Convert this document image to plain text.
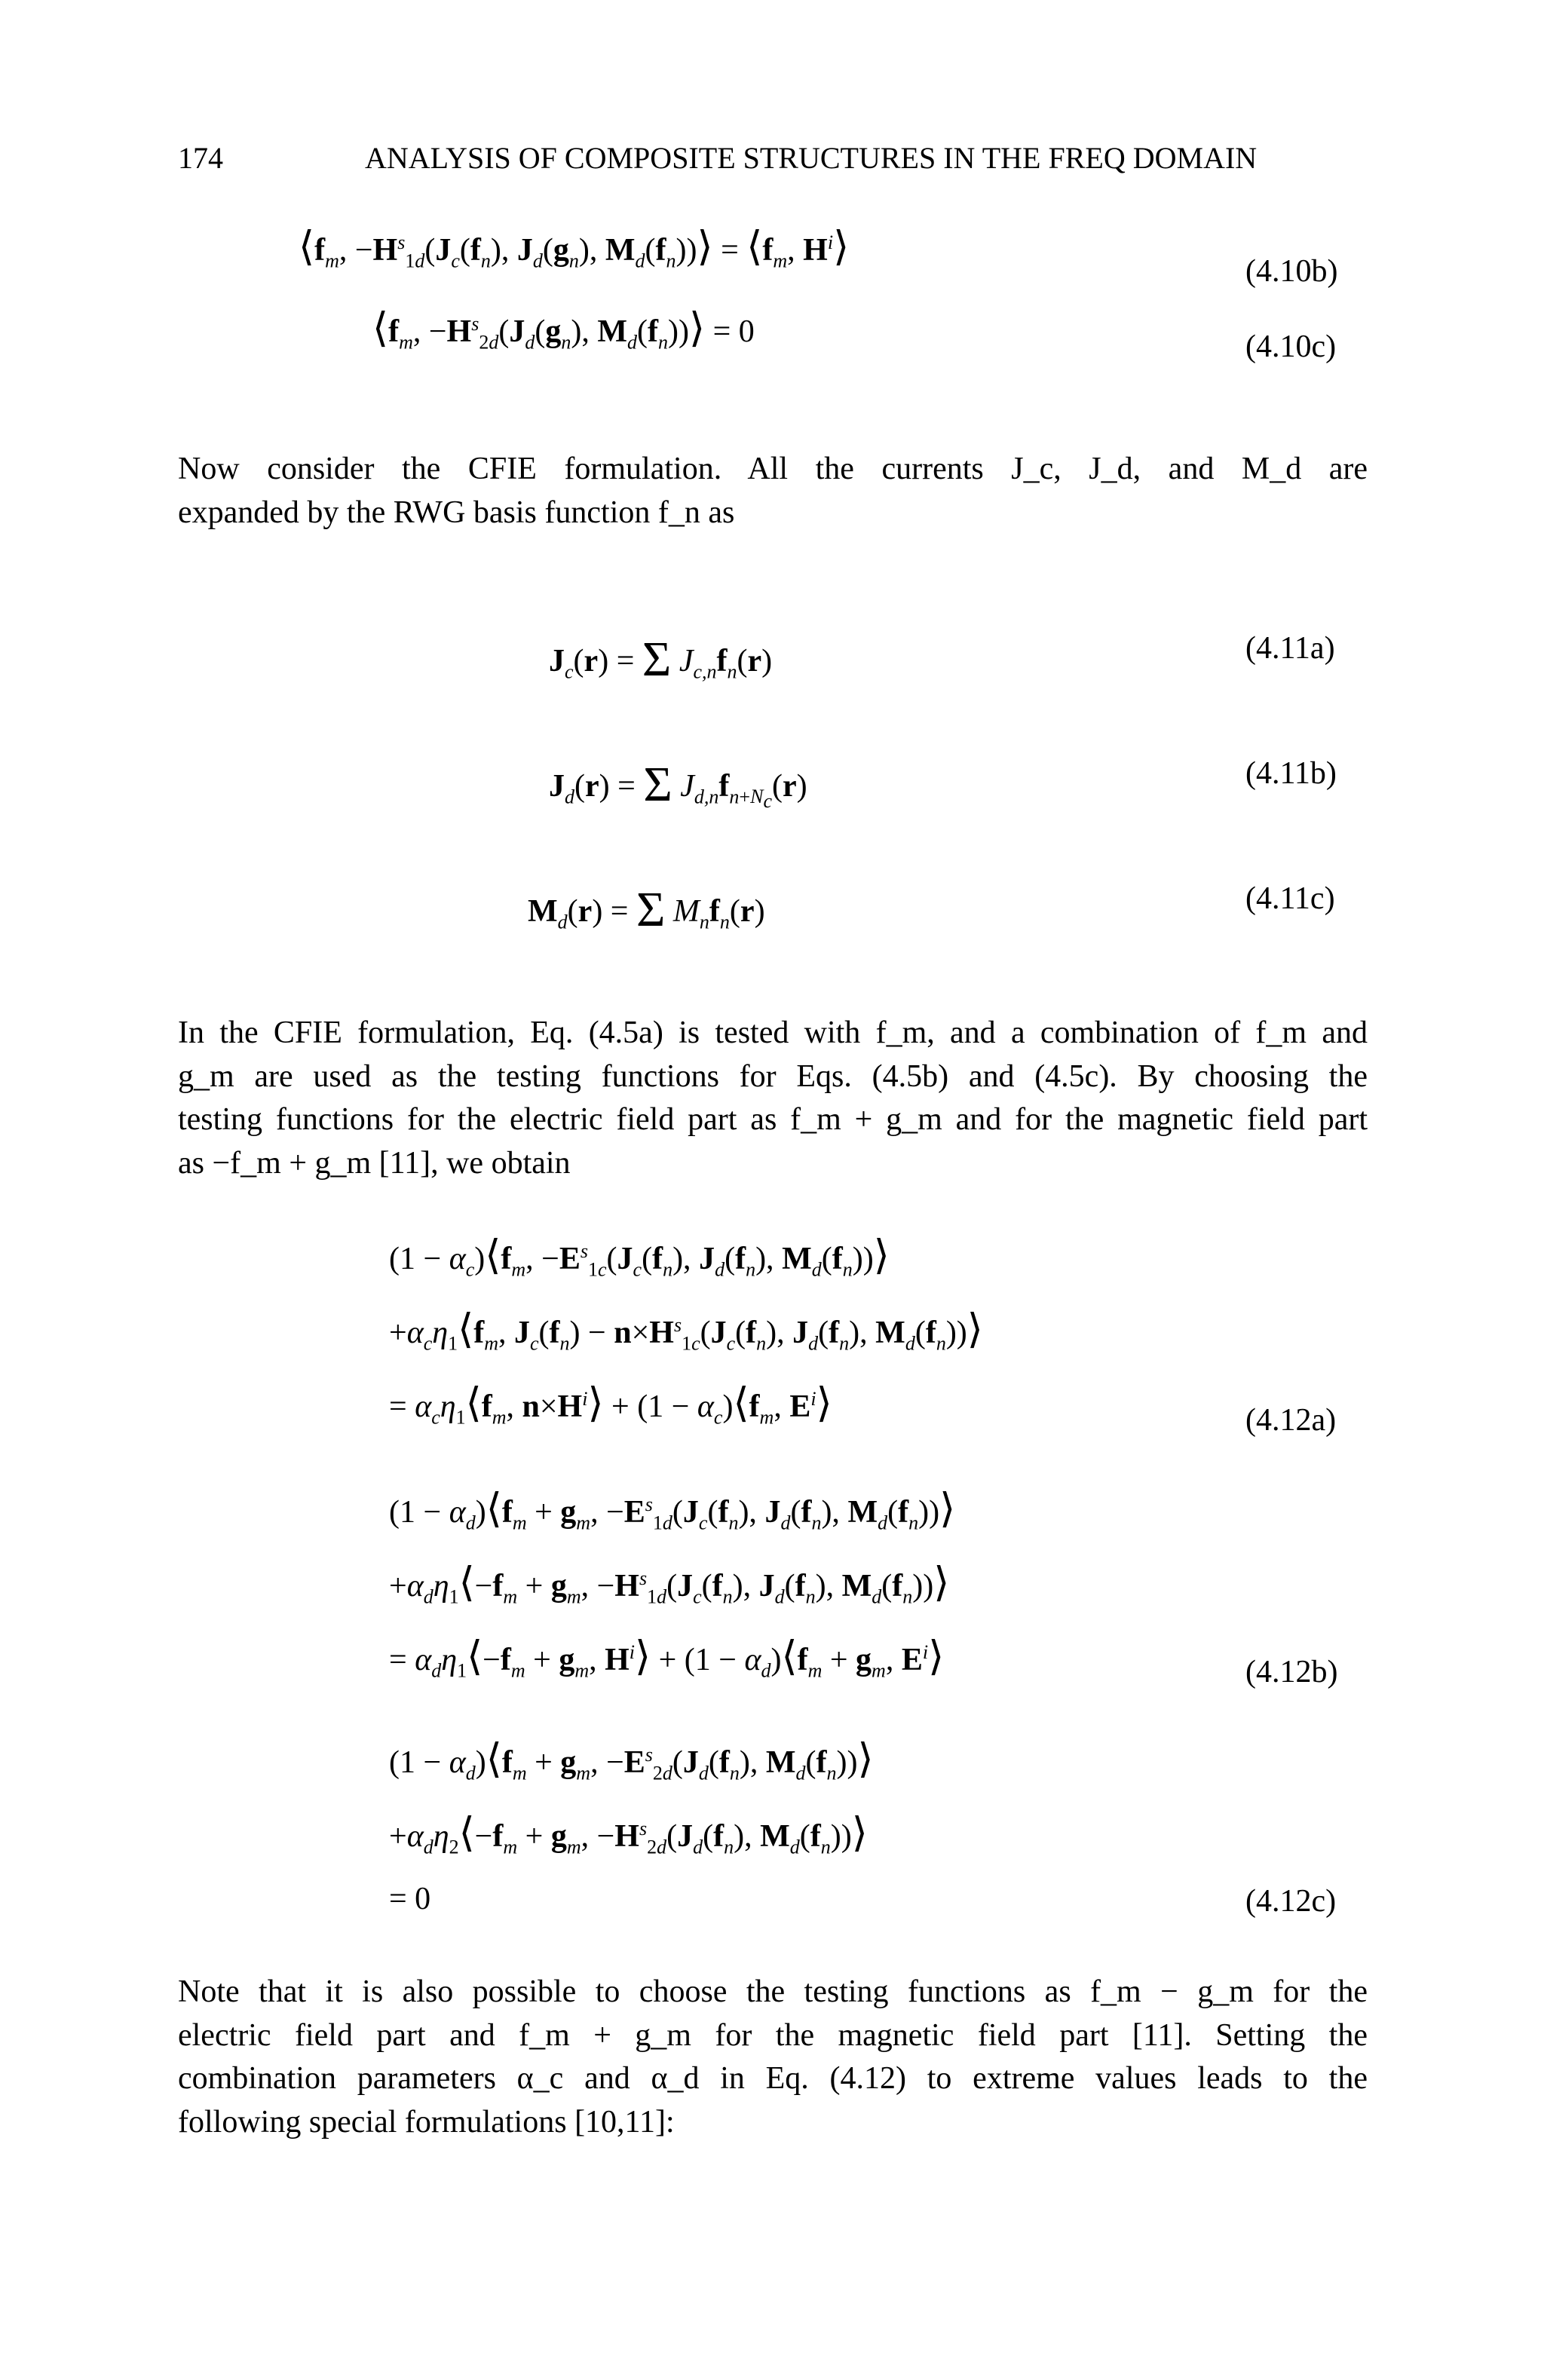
174	ANALYSIS OF COMPOSITE STRUCTURES IN THE FREQ DOMAIN
$⟨f_m$, $-H^s_{1d}(J_c(f_n)$, $J_d(g_n)$, $M_d(f_n))⟩$ = $⟨f_m$, $H^i⟩$
(4.10b)
$⟨f_m$, $-H^s_{2d}(J_d(g_n)$, $M_d(f_n))⟩ = 0$	(4.10c)
Now consider the CFIE formulation. All the currents J_c, J_d, and M_d are
expanded by the RWG basis function f_n as
$J_c(r) = \Sigma$ $J_{c,n}f_n(r)$	(4.11a)
$J_d(r) = \Sigma$ $J_{d,n}f_{n+N_c}(r)$	(4.11b)
$M_d(r) = \Sigma$ $M_nf_n(r)$	(4.11c)
In the CFIE formulation, Eq. (4.5a) is tested with f_m, and a combination of f_m and
g_m are used as the testing functions for Eqs. (4.5b) and (4.5c). By choosing the
testing functions for the electric field part as f_m + g_m and for the magnetic field part
as −f_m + g_m [11], we obtain
$(1 - \alpha_c)⟨f_m$, $-E^s_{1c}(J_c(f_n)$, $J_d(f_n)$, $M_d(f_n))⟩$
$+\alpha_c\eta_1⟨f_m$, $J_c(f_n) - n\times H^s_{1c}(J_c(f_n)$, $J_d(f_n)$, $M_d(f_n))⟩$
= $\alpha_c\eta_1⟨f_m$, $n\times H^i⟩ + (1$ − $\alpha_c)⟨f_m$, $E^i⟩$	(4.12a)
$(1 - \alpha_d)⟨f_m + g_m$, $-E^s_{1d}(J_c(f_n)$, $J_d(f_n)$, $M_d(f_n))⟩$
$+\alpha_d\eta_1⟨-f_m + g_m$, $-H^s_{1d}(J_c(f_n)$, $J_d(f_n)$, $M_d(f_n))⟩$
= $\alpha_d\eta_1⟨-f_m + g_m$, $H^i⟩ + (1$ − $\alpha_d)⟨f_m + g_m$, $E^i⟩$	(4.12b)
$(1 - \alpha_d)⟨f_m + g_m$, $-E^s_{2d}(J_d(f_n)$, $M_d(f_n))⟩$
$+\alpha_d\eta_2⟨-f_m + g_m$, $-H^s_{2d}(J_d(f_n)$, $M_d(f_n))⟩$
= 0	(4.12c)
Note that it is also possible to choose the testing functions as f_m − g_m for the
electric field part and f_m + g_m for the magnetic field part [11]. Setting the
combination parameters α_c and α_d in Eq. (4.12) to extreme values leads to the
following special formulations [10,11]:
